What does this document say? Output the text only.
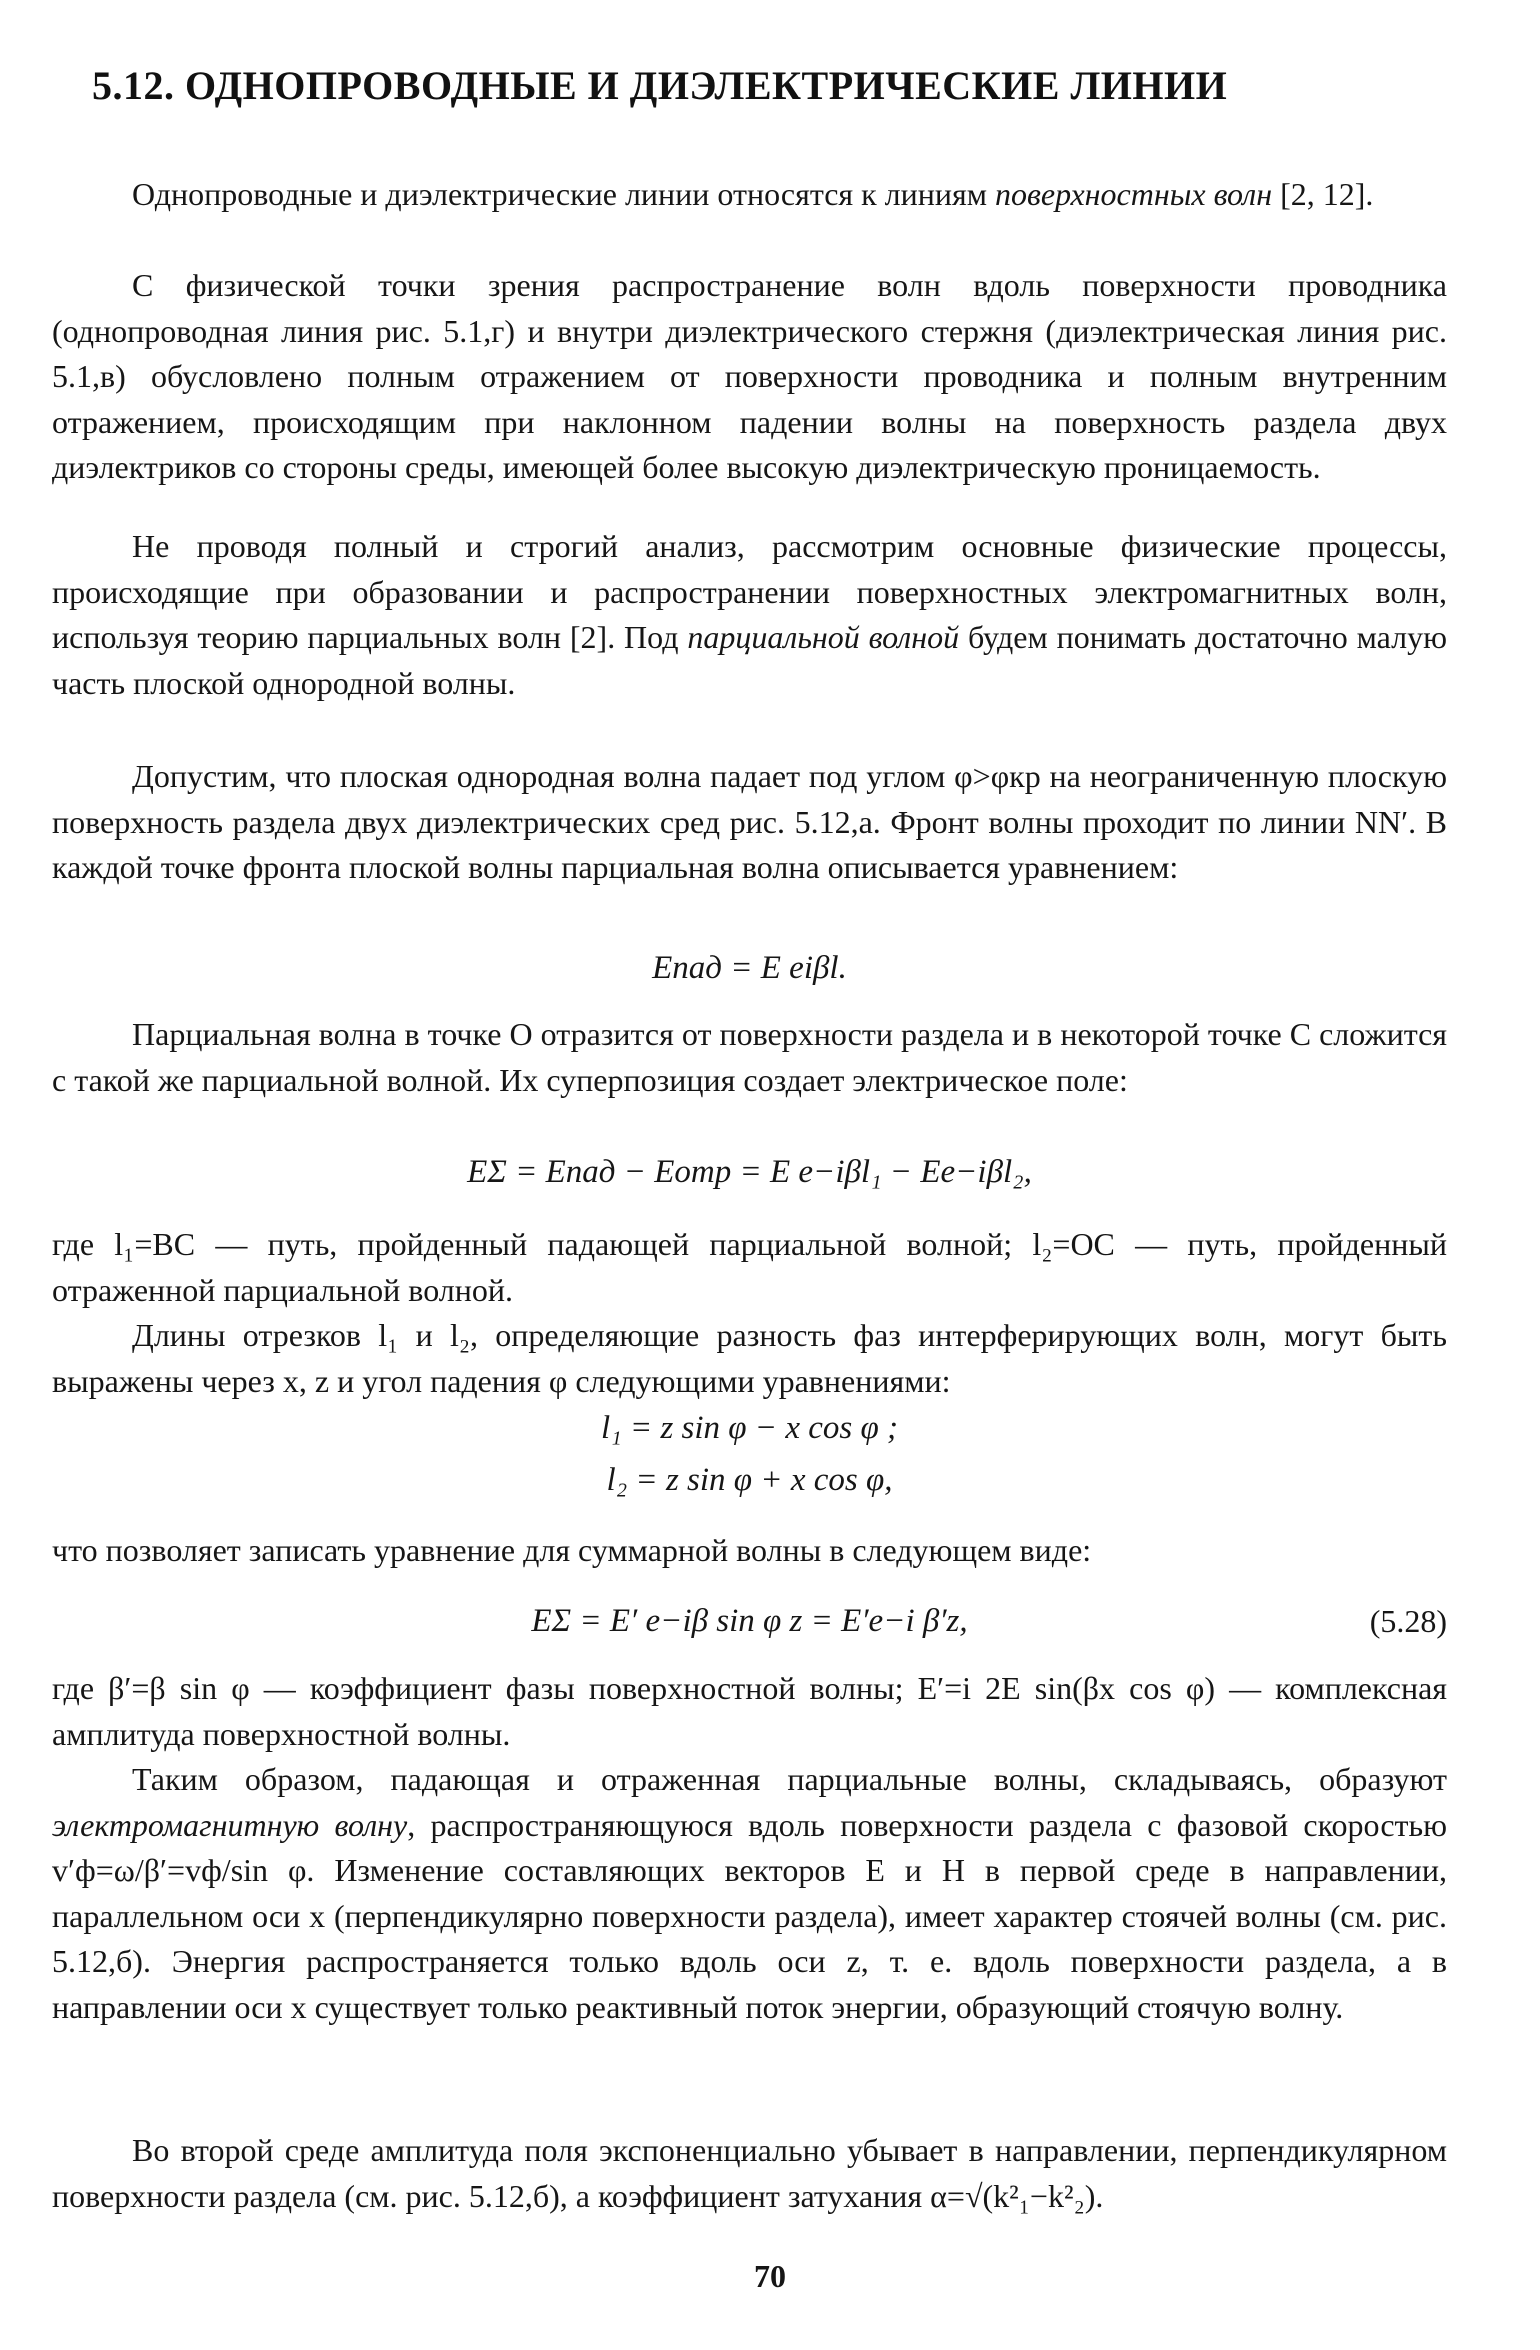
5.12. ОДНОПРОВОДНЫЕ И ДИЭЛЕКТРИЧЕСКИЕ ЛИНИИ

Однопроводные и диэлектрические линии относятся к линиям поверхностных волн [2, 12].

С физической точки зрения распространение волн вдоль поверхности проводника (однопроводная линия рис. 5.1,г) и внутри диэлектрического стержня (диэлектрическая линия рис. 5.1,в) обусловлено полным отражением от поверхности проводника и полным внутренним отражением, происходящим при наклонном падении волны на поверхность раздела двух диэлектриков со стороны среды, имеющей более высокую диэлектрическую проницаемость.

Не проводя полный и строгий анализ, рассмотрим основные физические процессы, происходящие при образовании и распространении поверхностных электромагнитных волн, используя теорию парциальных волн [2]. Под парциальной волной будем понимать достаточно малую часть плоской однородной волны.

Допустим, что плоская однородная волна падает под углом φ>φкр на неограниченную плоскую поверхность раздела двух диэлектрических сред рис. 5.12,а. Фронт волны проходит по линии NN′. В каждой точке фронта плоской волны парциальная волна описывается уравнением:

Eпад = E eiβl.

Парциальная волна в точке O отразится от поверхности раздела и в некоторой точке C сложится с такой же парциальной волной. Их суперпозиция создает электрическое поле:

EΣ = Eпад − Eотр = E e−iβl₁ − Ee−iβl₂,

где l₁=BC — путь, пройденный падающей парциальной волной; l₂=OC — путь, пройденный отраженной парциальной волной.

Длины отрезков l₁ и l₂, определяющие разность фаз интерферирующих волн, могут быть выражены через x, z и угол падения φ следующими уравнениями:

l₁ = z sin φ − x cos φ ;
l₂ = z sin φ + x cos φ,

что позволяет записать уравнение для суммарной волны в следующем виде:

EΣ = E′ e−iβ sin φ z = E′e−i β′z,	(5.28)

где β′=β sin φ — коэффициент фазы поверхностной волны; E′=i 2E sin(βx cos φ) — комплексная амплитуда поверхностной волны.

Таким образом, падающая и отраженная парциальные волны, складываясь, образуют электромагнитную волну, распространяющуюся вдоль поверхности раздела с фазовой скоростью v′ф=ω/β′=vф/sin φ. Изменение составляющих векторов E и H в первой среде в направлении, параллельном оси x (перпендикулярно поверхности раздела), имеет характер стоячей волны (см. рис. 5.12,б). Энергия распространяется только вдоль оси z, т. е. вдоль поверхности раздела, а в направлении оси x существует только реактивный поток энергии, образующий стоячую волну.

Во второй среде амплитуда поля экспоненциально убывает в направлении, перпендикулярном поверхности раздела (см. рис. 5.12,б), а коэффициент затухания α=√(k²₁−k²₂).

70
